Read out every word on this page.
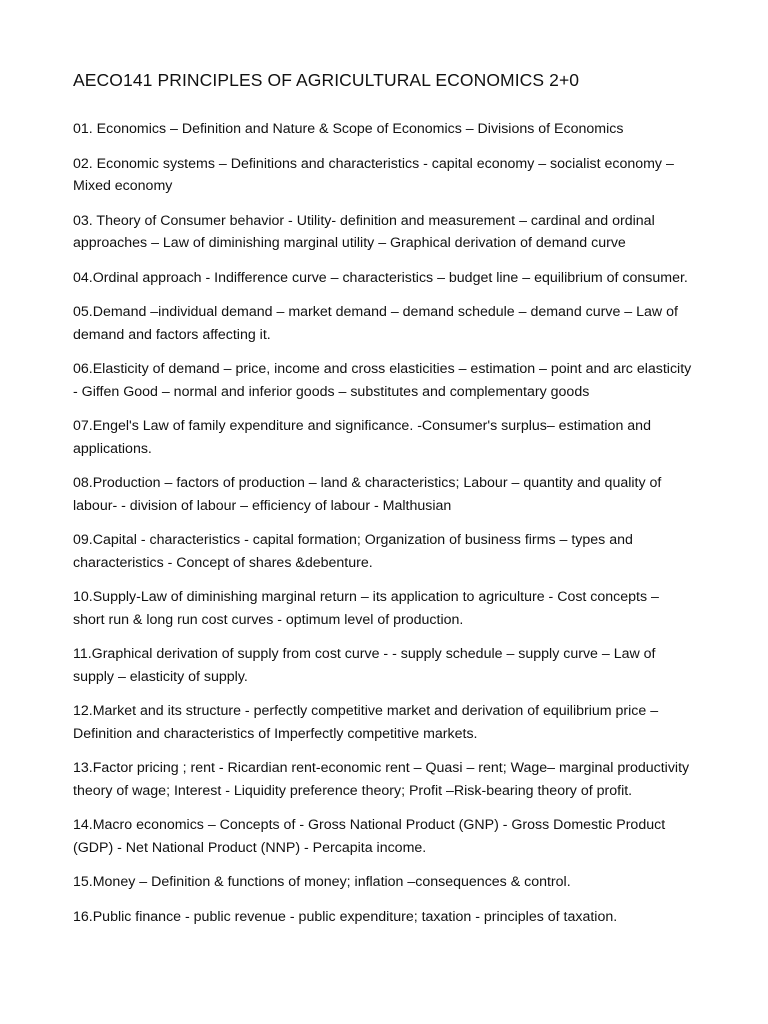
AECO141 PRINCIPLES OF AGRICULTURAL ECONOMICS 2+0
01. Economics – Definition and Nature & Scope of Economics – Divisions of Economics
02. Economic systems – Definitions and characteristics - capital economy – socialist economy – Mixed economy
03. Theory of Consumer behavior - Utility- definition and measurement – cardinal and ordinal approaches – Law of diminishing marginal utility – Graphical derivation of demand curve
04.Ordinal approach - Indifference curve – characteristics – budget line – equilibrium of consumer.
05.Demand –individual demand – market demand – demand schedule – demand curve – Law of demand and factors affecting it.
06.Elasticity of demand – price, income and cross elasticities – estimation – point and arc elasticity - Giffen Good – normal and inferior goods – substitutes and complementary goods
07.Engel's Law of family expenditure and significance. -Consumer's surplus– estimation and applications.
08.Production – factors of production – land & characteristics; Labour – quantity and quality of labour- - division of labour – efficiency of labour - Malthusian
09.Capital - characteristics - capital formation; Organization of business firms – types and characteristics - Concept of shares &debenture.
10.Supply-Law of diminishing marginal return – its application to agriculture - Cost concepts – short run & long run cost curves - optimum level of production.
11.Graphical derivation of supply from cost curve - - supply schedule – supply curve – Law of supply – elasticity of supply.
12.Market and its structure - perfectly competitive market and derivation of equilibrium price – Definition and characteristics of Imperfectly competitive markets.
13.Factor pricing ; rent - Ricardian rent-economic rent – Quasi – rent; Wage– marginal productivity theory of wage; Interest - Liquidity preference theory; Profit –Risk-bearing theory of profit.
14.Macro economics – Concepts of - Gross National Product (GNP) - Gross Domestic Product (GDP) - Net National Product (NNP) - Percapita income.
15.Money – Definition & functions of money; inflation –consequences & control.
16.Public finance - public revenue - public expenditure; taxation - principles of taxation.
